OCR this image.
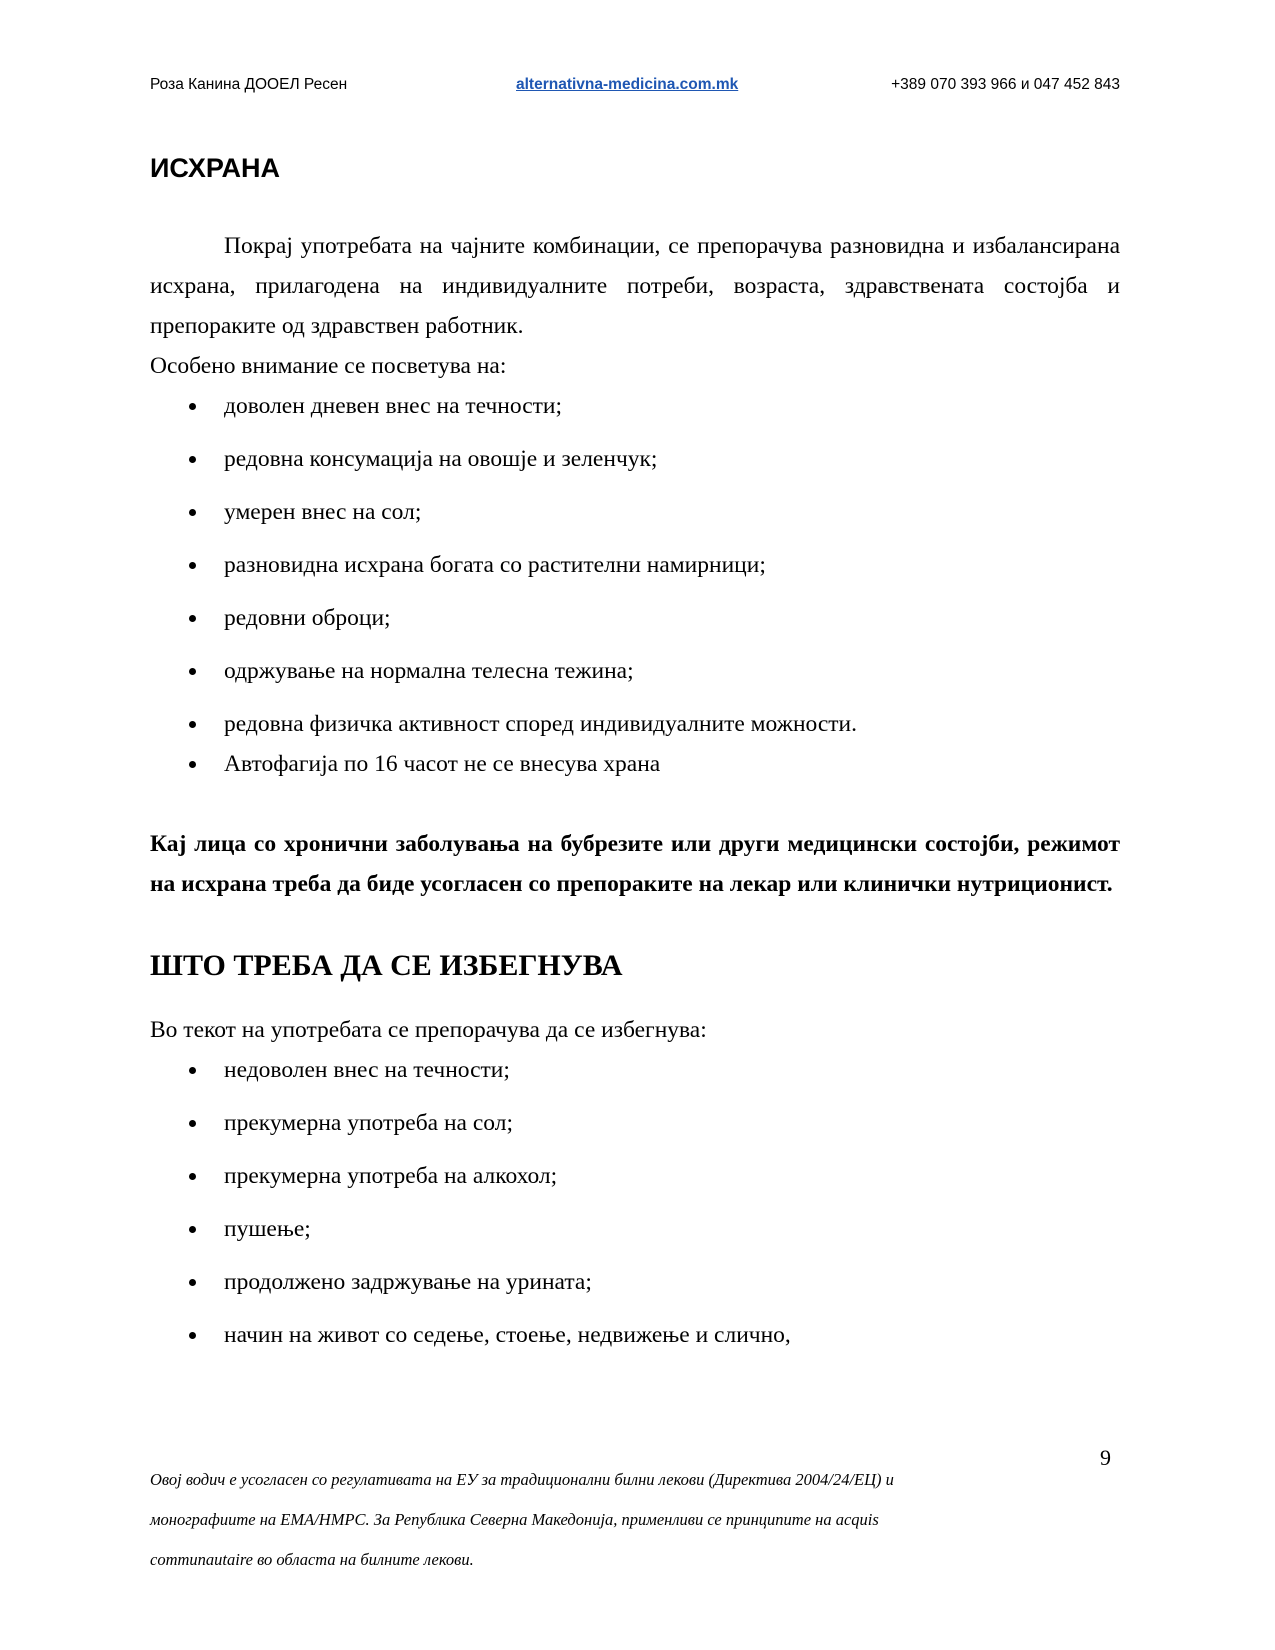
Роза Канина ДООЕЛ Ресен	alternativna-medicina.com.mk	+389 070 393 966 и 047 452 843
ИСХРАНА

Покрај употребата на чајните комбинации, се препорачува разновидна и избалансирана исхрана, прилагодена на индивидуалните потреби, возраста, здравствената состојба и препораките од здравствен работник.

Особено внимание се посветува на:

доволен дневен внес на течности;
редовна консумација на овошје и зеленчук;
умерен внес на сол;
разновидна исхрана богата со растителни намирници;
редовни оброци;
одржување на нормална телесна тежина;
редовна физичка активност според индивидуалните можности.
Автофагија по 16 часот не се внесува храна

Кај лица со хронични заболувања на бубрезите или други медицински состојби, режимот на исхрана треба да биде усогласен со препораките на лекар или клинички нутриционист.

ШТО ТРЕБА ДА СЕ ИЗБЕГНУВА

Во текот на употребата се препорачува да се избегнува:

недоволен внес на течности;
прекумерна употреба на сол;
прекумерна употреба на алкохол;
пушење;
продолжено задржување на урината;
начин на живот со седење, стоење, недвижење и слично,
9
Овој водич е усогласен со регулативата на ЕУ за традиционални билни лекови (Директива 2004/24/ЕЦ) и
монографиите на ЕМА/НМРС. За Република Северна Македонија, применливи се принципите на acquis
communautaire во областа на билните лекови.
